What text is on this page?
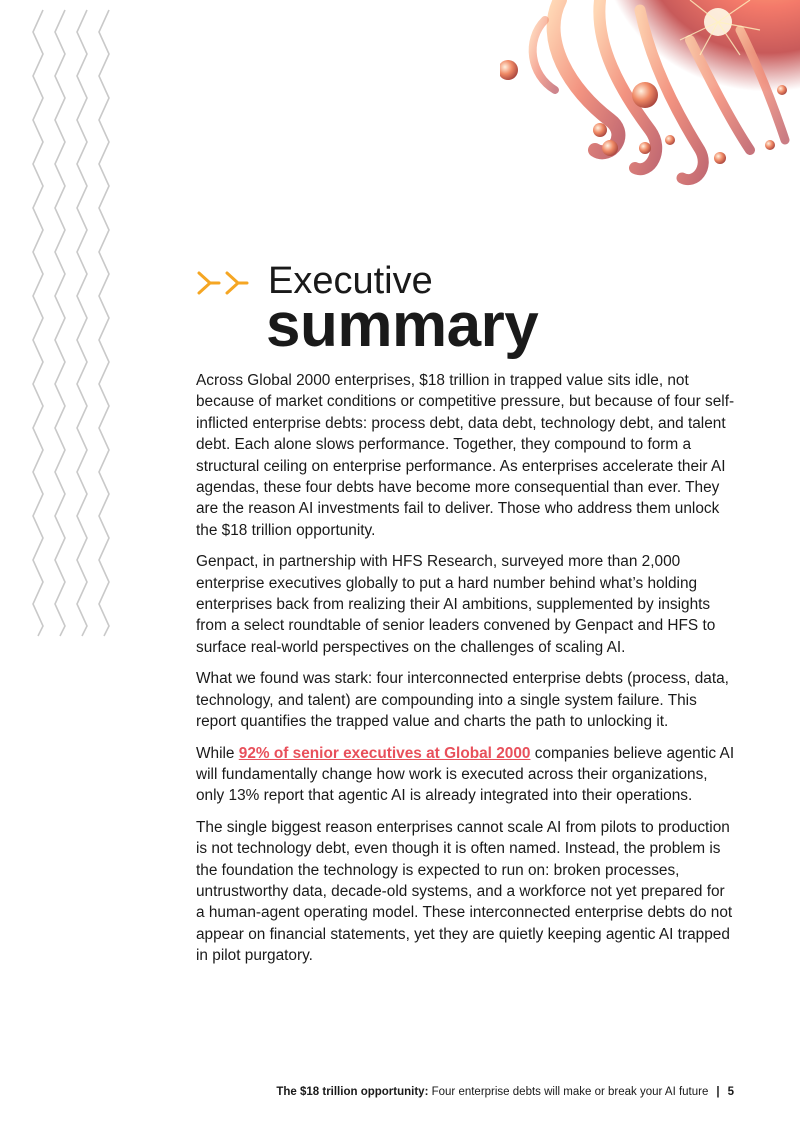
Executive
summary

Across Global 2000 enterprises, $18 trillion in trapped value sits idle, not because of market conditions or competitive pressure, but because of four self-inflicted enterprise debts: process debt, data debt, technology debt, and talent debt. Each alone slows performance. Together, they compound to form a structural ceiling on enterprise performance. As enterprises accelerate their AI agendas, these four debts have become more consequential than ever. They are the reason AI investments fail to deliver. Those who address them unlock the $18 trillion opportunity.

Genpact, in partnership with HFS Research, surveyed more than 2,000 enterprise executives globally to put a hard number behind what’s holding enterprises back from realizing their AI ambitions, supplemented by insights from a select roundtable of senior leaders convened by Genpact and HFS to surface real-world perspectives on the challenges of scaling AI.

What we found was stark: four interconnected enterprise debts (process, data, technology, and talent) are compounding into a single system failure. This report quantifies the trapped value and charts the path to unlocking it.

While 92% of senior executives at Global 2000 companies believe agentic AI will fundamentally change how work is executed across their organizations, only 13% report that agentic AI is already integrated into their operations.

The single biggest reason enterprises cannot scale AI from pilots to production is not technology debt, even though it is often named. Instead, the problem is the foundation the technology is expected to run on: broken processes, untrustworthy data, decade-old systems, and a workforce not yet prepared for a human-agent operating model. These interconnected enterprise debts do not appear on financial statements, yet they are quietly keeping agentic AI trapped in pilot purgatory.

The $18 trillion opportunity: Four enterprise debts will make or break your AI future | 5
